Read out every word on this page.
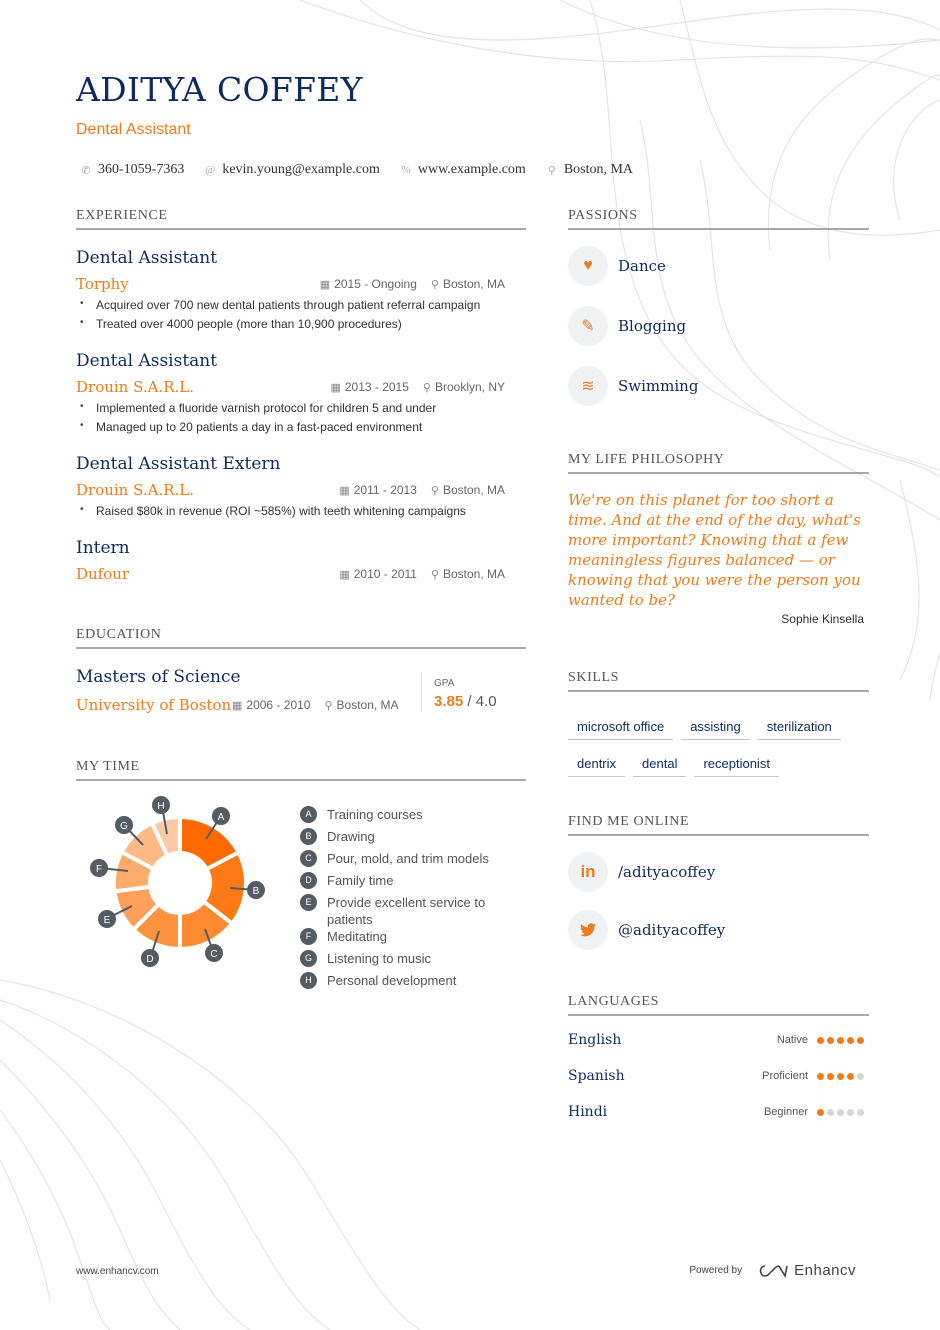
ADITYA COFFEY
Dental Assistant
✆ 360-1059-7363 @ kevin.young@example.com % www.example.com ⚲ Boston, MA
EXPERIENCE
Dental Assistant
Torphy	▦ 2015 - Ongoing ⚲ Boston, MA
•	Acquired over 700 new dental patients through patient referral campaign
•	Treated over 4000 people (more than 10,900 procedures)
Dental Assistant
Drouin S.A.R.L.	▦ 2013 - 2015 ⚲ Brooklyn, NY
•	Implemented a fluoride varnish protocol for children 5 and under
•	Managed up to 20 patients a day in a fast-paced environment
Dental Assistant Extern
Drouin S.A.R.L.	▦ 2011 - 2013 ⚲ Boston, MA
•	Raised $80k in revenue (ROI ~585%) with teeth whitening campaigns
Intern
Dufour	▦ 2010 - 2011 ⚲ Boston, MA
EDUCATION
Masters of Science
University of Boston ▦ 2006 - 2010 ⚲ Boston, MA
GPA
3.85 / 4.0
MY TIME
A
B
C
D
E
F
G
H
A	Training courses
B	Drawing
C	Pour, mold, and trim models
D	Family time
E	Provide excellent service to patients
F	Meditating
G	Listening to music
H	Personal development
PASSIONS
♥	Dance
✎	Blogging
≋	Swimming
MY LIFE PHILOSOPHY
We're on this planet for too short a time. And at the end of the day, what's more important? Knowing that a few meaningless figures balanced — or knowing that you were the person you wanted to be?
Sophie Kinsella
SKILLS
microsoft office	assisting	sterilization
dentrix	dental	receptionist
FIND ME ONLINE
in	/adityacoffey
@adityacoffey
LANGUAGES
English	Native
Spanish	Proficient
Hindi	Beginner
www.enhancv.com	Powered by	Enhancv
